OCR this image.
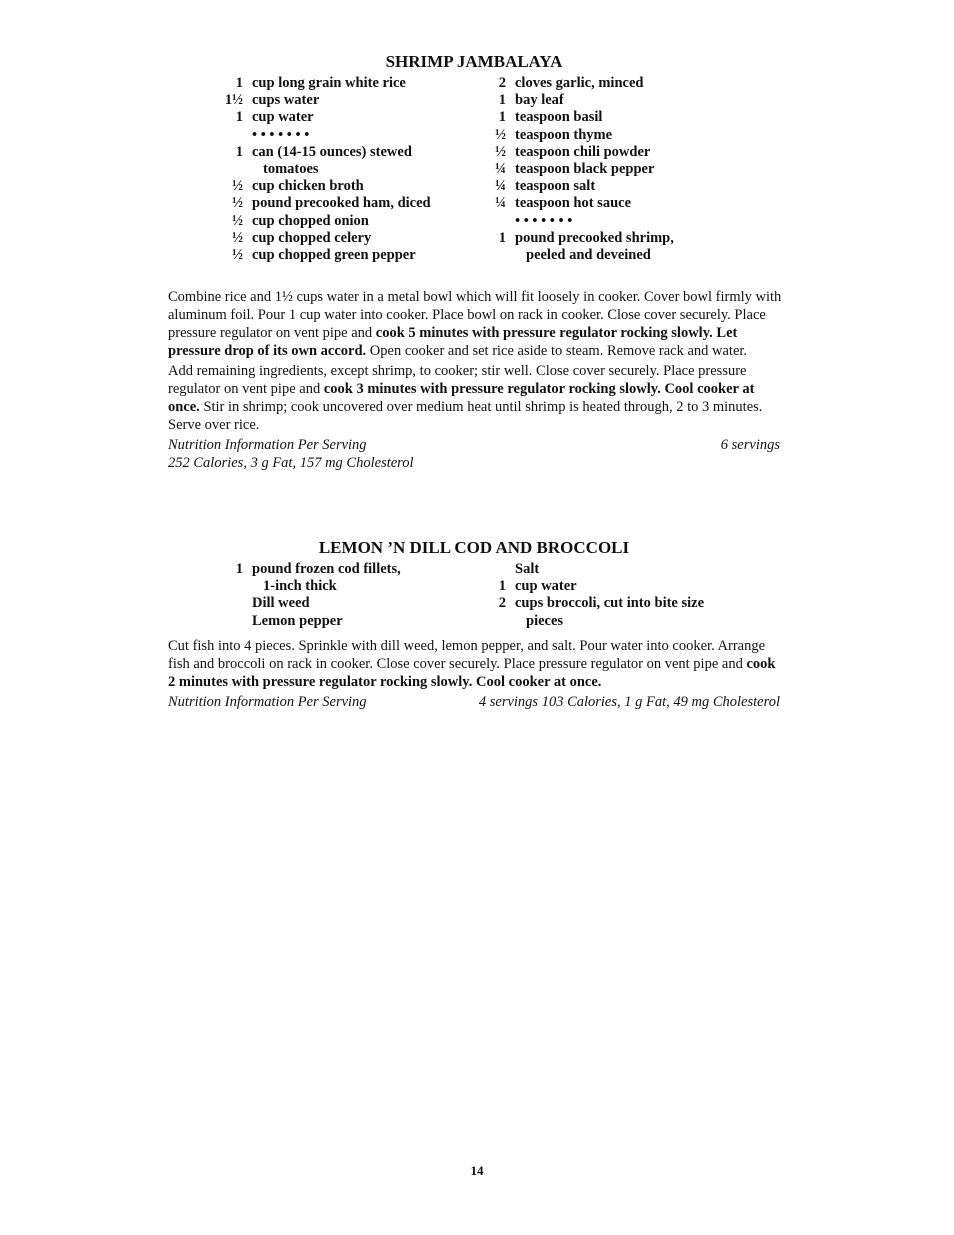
SHRIMP JAMBALAYA
1 cup long grain white rice
1½ cups water
1 cup water
• • • • • • •
1 can (14-15 ounces) stewed
tomatoes
½ cup chicken broth
½ pound precooked ham, diced
½ cup chopped onion
½ cup chopped celery
½ cup chopped green pepper
2 cloves garlic, minced
1 bay leaf
1 teaspoon basil
½ teaspoon thyme
½ teaspoon chili powder
¼ teaspoon black pepper
¼ teaspoon salt
¼ teaspoon hot sauce
• • • • • • •
1 pound precooked shrimp,
peeled and deveined

Combine rice and 1½ cups water in a metal bowl which will fit loosely in cooker. Cover bowl firmly with aluminum foil. Pour 1 cup water into cooker. Place bowl on rack in cooker. Close cover securely. Place pressure regulator on vent pipe and cook 5 minutes with pressure regulator rocking slowly. Let pressure drop of its own accord. Open cooker and set rice aside to steam. Remove rack and water.

Add remaining ingredients, except shrimp, to cooker; stir well. Close cover securely. Place pressure regulator on vent pipe and cook 3 minutes with pressure regulator rocking slowly. Cool cooker at once. Stir in shrimp; cook uncovered over medium heat until shrimp is heated through, 2 to 3 minutes. Serve over rice.

Nutrition Information Per Serving	6 servings
252 Calories, 3 g Fat, 157 mg Cholesterol
LEMON ’N DILL COD AND BROCCOLI
1 pound frozen cod fillets,
1-inch thick
Dill weed
Lemon pepper
Salt
1 cup water
2 cups broccoli, cut into bite size
pieces

Cut fish into 4 pieces. Sprinkle with dill weed, lemon pepper, and salt. Pour water into cooker. Arrange fish and broccoli on rack in cooker. Close cover securely. Place pressure regulator on vent pipe and cook 2 minutes with pressure regulator rocking slowly. Cool cooker at once.

Nutrition Information Per Serving	4 servings 103 Calories, 1 g Fat, 49 mg Cholesterol
14
